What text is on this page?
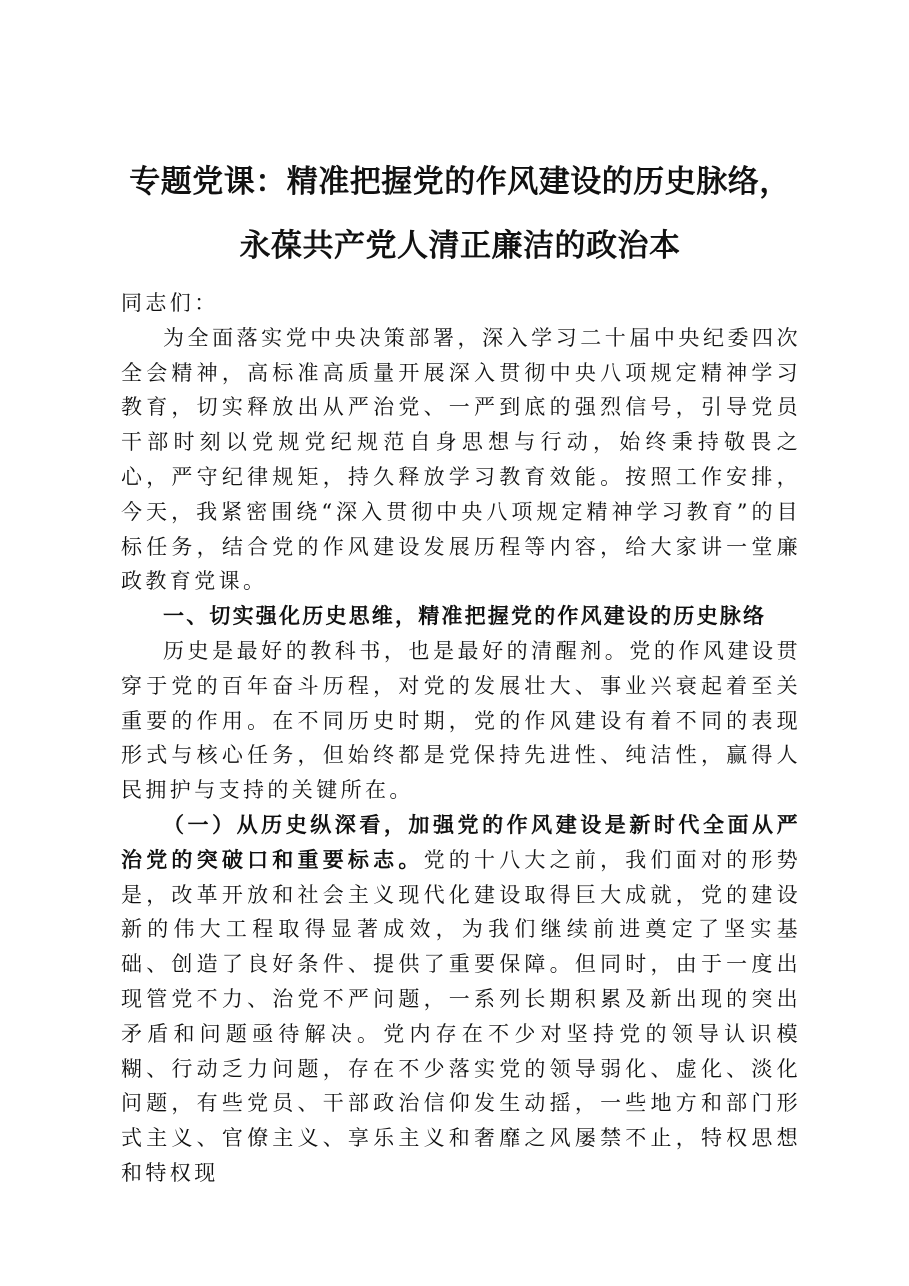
专题党课：精准把握党的作风建设的历史脉络，
永葆共产党人清正廉洁的政治本

同志们：

为全面落实党中央决策部署，深入学习二十届中央纪委四次全会精神，高标准高质量开展深入贯彻中央八项规定精神学习教育，切实释放出从严治党、一严到底的强烈信号，引导党员干部时刻以党规党纪规范自身思想与行动，始终秉持敬畏之心，严守纪律规矩，持久释放学习教育效能。按照工作安排，今天，我紧密围绕“深入贯彻中央八项规定精神学习教育”的目标任务，结合党的作风建设发展历程等内容，给大家讲一堂廉政教育党课。

一、切实强化历史思维，精准把握党的作风建设的历史脉络

历史是最好的教科书，也是最好的清醒剂。党的作风建设贯穿于党的百年奋斗历程，对党的发展壮大、事业兴衰起着至关重要的作用。在不同历史时期，党的作风建设有着不同的表现形式与核心任务，但始终都是党保持先进性、纯洁性，赢得人民拥护与支持的关键所在。

（一）从历史纵深看，加强党的作风建设是新时代全面从严治党的突破口和重要标志。党的十八大之前，我们面对的形势是，改革开放和社会主义现代化建设取得巨大成就，党的建设新的伟大工程取得显著成效，为我们继续前进奠定了坚实基础、创造了良好条件、提供了重要保障。但同时，由于一度出现管党不力、治党不严问题，一系列长期积累及新出现的突出矛盾和问题亟待解决。党内存在不少对坚持党的领导认识模糊、行动乏力问题，存在不少落实党的领导弱化、虚化、淡化问题，有些党员、干部政治信仰发生动摇，一些地方和部门形式主义、官僚主义、享乐主义和奢靡之风屡禁不止，特权思想和特权现
